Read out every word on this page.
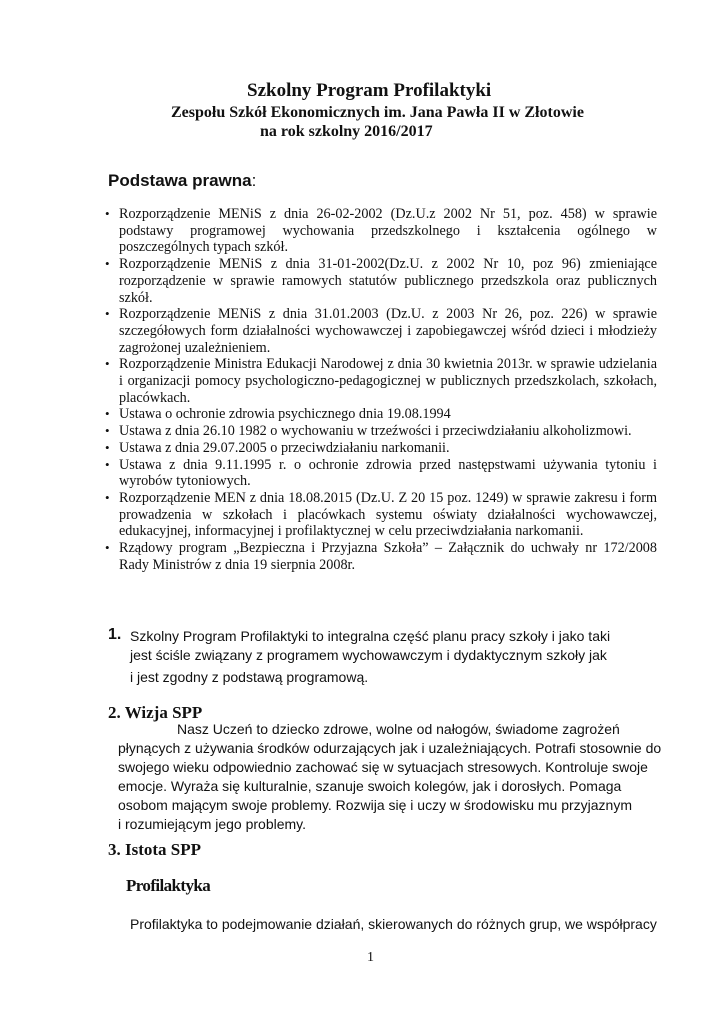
Szkolny Program Profilaktyki
Zespołu Szkół Ekonomicznych im. Jana Pawła II w Złotowie
na rok szkolny 2016/2017
Podstawa prawna:
• Rozporządzenie MENiS z dnia 26-02-2002 (Dz.U.z 2002 Nr 51, poz. 458) w sprawie podstawy programowej wychowania przedszkolnego i kształcenia ogólnego w poszczególnych typach szkół.
• Rozporządzenie MENiS z dnia 31-01-2002(Dz.U. z 2002 Nr 10, poz 96) zmieniające rozporządzenie w sprawie ramowych statutów publicznego przedszkola oraz publicznych szkół.
• Rozporządzenie MENiS z dnia 31.01.2003 (Dz.U. z 2003 Nr 26, poz. 226) w sprawie szczegółowych form działalności wychowawczej i zapobiegawczej wśród dzieci i młodzieży zagrożonej uzależnieniem.
• Rozporządzenie Ministra Edukacji Narodowej z dnia 30 kwietnia 2013r. w sprawie udzielania i organizacji pomocy psychologiczno-pedagogicznej w publicznych przedszkolach, szkołach, placówkach.
• Ustawa o ochronie zdrowia psychicznego dnia 19.08.1994
• Ustawa z dnia 26.10 1982 o wychowaniu w trzeźwości i przeciwdziałaniu alkoholizmowi.
• Ustawa z dnia 29.07.2005 o przeciwdziałaniu narkomanii.
• Ustawa z dnia 9.11.1995 r. o ochronie zdrowia przed następstwami używania tytoniu i wyrobów tytoniowych.
• Rozporządzenie MEN z dnia 18.08.2015 (Dz.U. Z 20 15 poz. 1249) w sprawie zakresu i form prowadzenia w szkołach i placówkach systemu oświaty działalności wychowawczej, edukacyjnej, informacyjnej i profilaktycznej w celu przeciwdziałania narkomanii.
• Rządowy program „Bezpieczna i Przyjazna Szkoła” – Załącznik do uchwały nr 172/2008 Rady Ministrów z dnia 19 sierpnia 2008r.
1. Szkolny Program Profilaktyki to integralna część planu pracy szkoły i jako taki
jest ściśle związany z programem wychowawczym i dydaktycznym szkoły jak
i jest zgodny z podstawą programową.
2. Wizja SPP
Nasz Uczeń to dziecko zdrowe, wolne od nałogów, świadome zagrożeń
płynących z używania środków odurzających jak i uzależniających. Potrafi stosownie do
swojego wieku odpowiednio zachować się w sytuacjach stresowych. Kontroluje swoje
emocje. Wyraża się kulturalnie, szanuje swoich kolegów, jak i dorosłych. Pomaga
osobom mającym swoje problemy. Rozwija się i uczy w środowisku mu przyjaznym
i rozumiejącym jego problemy.
3. Istota SPP
Profilaktyka
Profilaktyka to podejmowanie działań, skierowanych do różnych grup, we współpracy
1
